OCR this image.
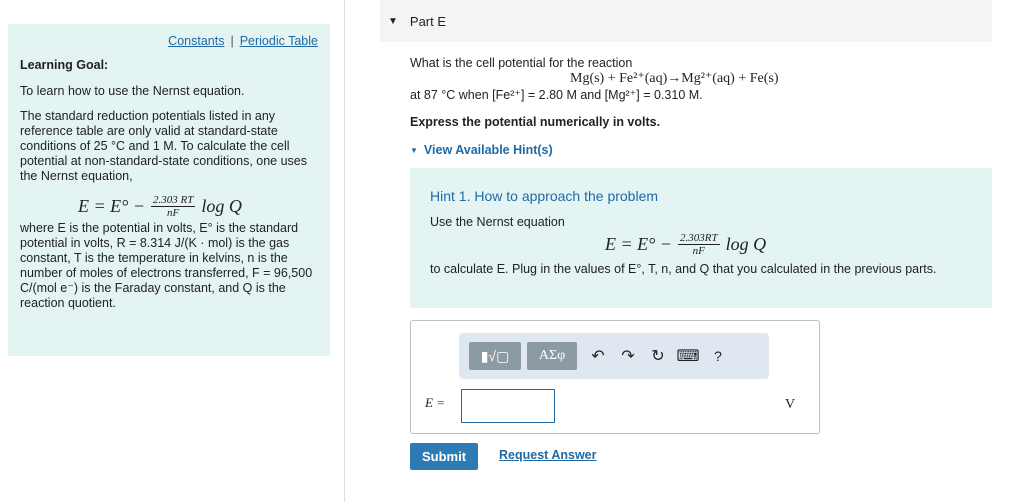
Constants | Periodic Table
Learning Goal:
To learn how to use the Nernst equation.
The standard reduction potentials listed in any reference table are only valid at standard-state conditions of 25 °C and 1 M. To calculate the cell potential at non-standard-state conditions, one uses the Nernst equation,
$E = E^\circ - \frac{2.303 RT}{nF}$ log Q
where E is the potential in volts, E° is the standard potential in volts, R = 8.314 J/(K · mol) is the gas constant, T is the temperature in kelvins, n is the number of moles of electrons transferred, F = 96,500 C/(mol e⁻) is the Faraday constant, and Q is the reaction quotient.
▼ Part E
What is the cell potential for the reaction
Mg(s) + Fe²⁺(aq)→Mg²⁺(aq) + Fe(s)
at 87 °C when [Fe²⁺] = 2.80 M and [Mg²⁺] = 0.310 M.
Express the potential numerically in volts.
▼ View Available Hint(s)
Hint 1. How to approach the problem
Use the Nernst equation
$E = E^\circ - \frac{2.303RT}{nF}$ log Q
to calculate E. Plug in the values of E°, T, n, and Q that you calculated in the previous parts.
▮√▢	ΑΣφ	↶	↷	↻ ⌨	?
E =	V
Submit	Request Answer
